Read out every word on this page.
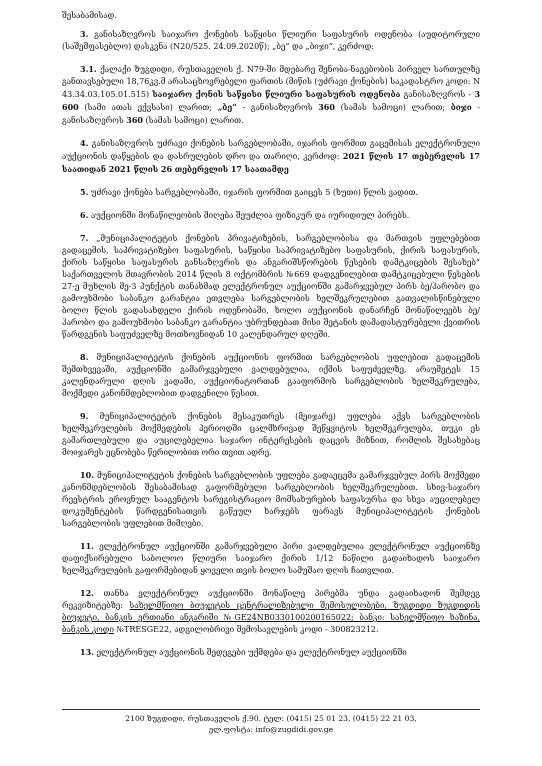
შესაბამისად.

3. განისაზღვროს საიჯარო ქონების საწყისი წლიური საფასურის ოდენობა (აუდიტორული (საშემფასებლო) დასკვნა (N20/525. 24.09.2020წ); „ბე“ და „ბიჯი“, კერძოდ:

3.1. ქალაქი ზუგდიდი, რუსთაველის ქ. N79-ში მდებარე შენობა-ნაგებობის პირველ სართულზე განთავსებული 18,76კვ.მ არასაცხოვრებელი ფართის (მიწის (უძრავი ქონების) საკადასტრო კოდი: N 43.34.03.105.01.515) საიჯარო ქონის საწყისი წლიური საფასურის ოდენობა განისაზღვროს - 3 600 (სამი ათას ექვსასი) ლარით; „ბე“ - განისაზღვროს 360 (სამას სამოცი) ლარით; ბიჯი - განისაზღვროს 360 (სამას სამოცი) ლარით.

4. განისაზღვროს უძრავი ქონების სარგებლობაში, იჯარის ფორმით გაცემისას ელექტრონული აუქციონის დაწყების და დასრულების დრო და თარიღი, კერძოდ: 2021 წლის 17 თებერვლის 17 საათიდან 2021 წლის 26 თებერვლის 17 საათამდე

5. უძრავი ქონება სარგებლობაში, იჯარის ფორმით გაიცეს 5 (ხუთი) წლის ვადით.

6. აუქციონში მონაწილეობის მიღება შეუძლია ფიზიკურ და იურიდიულ პირებს.

7. „მუნიციპალიტეტის ქონების პრივატიზების, სარგებლობისა და მართვის უფლებებით გადაცემის, საპრივატიზებო საფასურის, საწყისი საპრივატიზებო საფასურის, ქირის საფასურის, ქირის საწყისი საფასურის განსაზღვრის და ანგარიშსწორების წესების დამტკიცების შესახებ“ საქართველოს მთავრობის 2014 წლის 8 ოქტომბრის №669 დადგენილებით დამტკიცებული წესების 27-ე მუხლის მე-3 პუნქტის თანახმად ელექტრონულ აუქციონში გამარჯვებულ პირს ბე/ჰარობო და გამოუხმობი საბანკო გარანტია ეთვლება სარგებლობის ხელშეკრულებით გათვალისწინებული ბოლო წლის გადასახდელი ქირის ოდენობაში, ხოლო აუქციონის დანარჩენ მონაწილეებს ბე/ჰარობო და გამოუხმობი საბანკო გარანტია უბრუნდებათ მისი შეტანის დამადასტურებელი ქვითრის წარდგენის საფუძველზე მოთხოვნიდან 10 კალენდარულ დღეში.

8. მუნიციპალიტეტის ქონების აუქციონის ფორმით სარგებლობის უფლებით გადაცემის შემთხვევაში, აუქციონში გამარჯვებული ვალდებულია, იქმის საფუძველზე, არაუმეტეს 15 კალენდარული დღის ვადაში, აუქციონატორთან გააფორმოს სარგებლობის ხელშეკრულება, მოქმედი კანონმდებლობით დადგენილი წესით.

9. მუნიციპალიტეტის ქონების მესაკუთრეს (მეიჯარე) უფლება აქვს სარგებლობის ხელშეკრულების მოქმედების პერიოდში ცალმხრივად შეწყვიტოს ხელშეკრულება, თუკი ეს გამართლებული და აუცილებელია საჯარო ინტერესების დაცვის მიზნით, რომლის შესახებაც მოიჯარეს ეცნობება წერილობით ორი თვით ადრე.

10. მუნიციპალიტეტის ქონების სარგებლობის უფლება გადაეცემა გამარჯვებულ პირს მოქმედი კანონმდებლობის შესაბამისად გაფორმებული სარგებლობის ხელშეკრულებით. სხივ-საჯარო რეესტრის ეროვნულ სააგენტოს სარეგისტრაციო მომსახურების საფასურსა და სხვა აუცილებელ დოკუმენტების წარდგენისათვის გაწეულ ხარჯებს ფარავს მუნიციპალიტეტის ქონების სარგებლობის უფლებით მიმღები.

11. ელექტრონულ აუქციონში გამარჯვებული პირი ვალდებულია ელექტრონულ აუქციონზე დაფიქსირებული საბოლოო წლიური საიჯარო ქირის 1/12 ნაწილი გადაიხადოს საიჯარო ხელშეკრულების გაფორმებიდან ყოველი თვის ბოლო სამუშაო დღის ჩათვლით.

12. თანხა ელექტრონულ აუქციონში მონაწილე პირებმა უნდა გადაიხადონ შემდეგ რეკვიზიტებზე: სახელმწიფო ბიუჯეტის ცენტრალიზებული შემოსულობები, ზუგდიდი ზუგდიდის ბიუჯეტი, ბანკის ერთიანი ანგარიში №GE24NB0330100200165022; ბანკი: სახელმწიფო ხაზინა, ბანკის კოდი №TRESGE22, ადგილობრივი შემოსავლების კოდი - 300823212.

13. ელექტრონულ აუქციონის შედეგები უქმდება და ელექტრონულ აუქციონში

2100 ზუგდიდი, რუსთაველის ქ.90. ტელ: (0415) 25 01 23, (0415) 22 21 03,
ელ.ფოსტა: info@zugdidi.gov.ge
